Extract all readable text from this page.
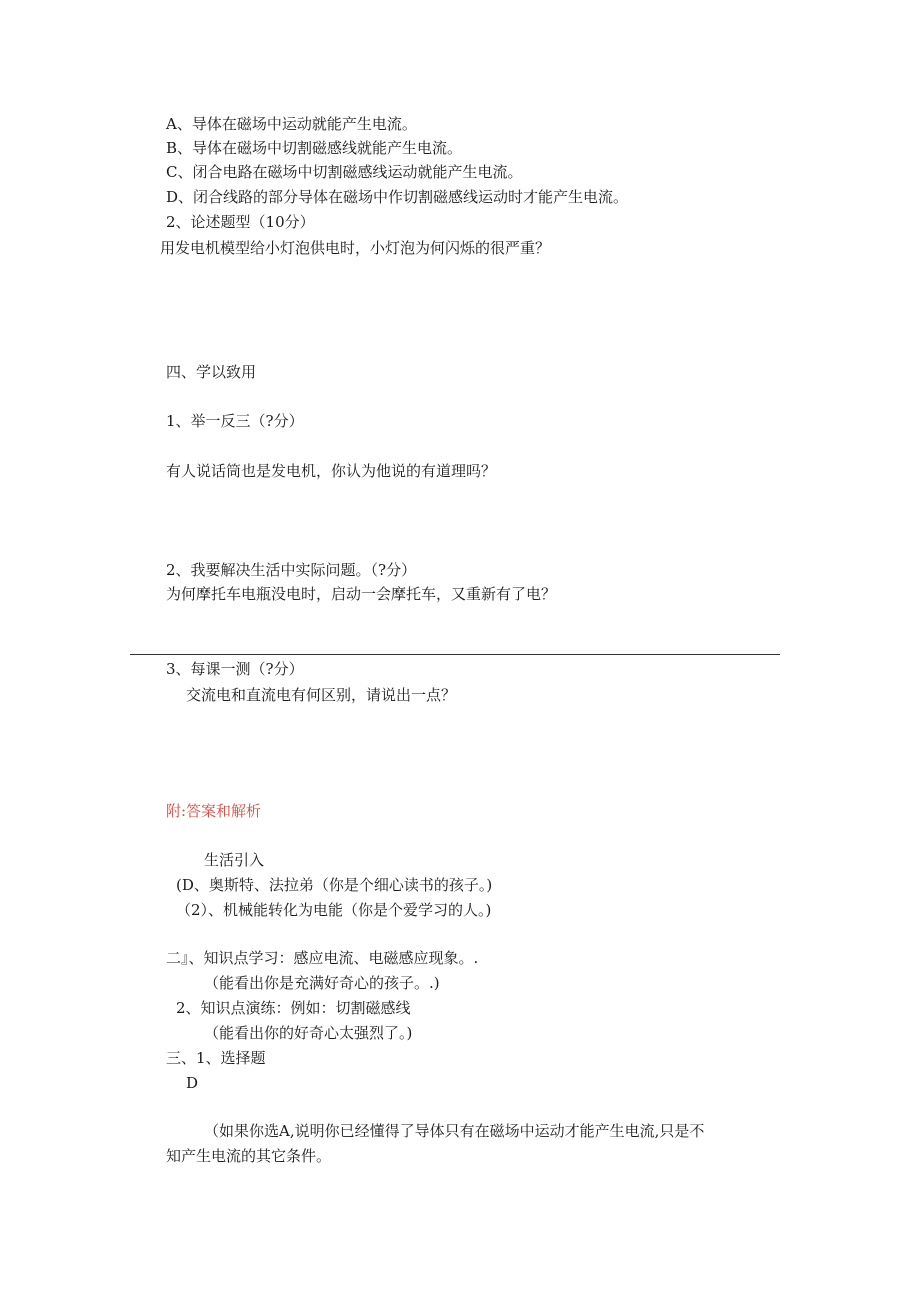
A、导体在磁场中运动就能产生电流。
B、导体在磁场中切割磁感线就能产生电流。
C、闭合电路在磁场中切割磁感线运动就能产生电流。
D、闭合线路的部分导体在磁场中作切割磁感线运动时才能产生电流。
2、论述题型（10分）
用发电机模型给小灯泡供电时，小灯泡为何闪烁的很严重？
四、学以致用
1、举一反三（?分）
有人说话筒也是发电机，你认为他说的有道理吗？
2、我要解决生活中实际问题。（?分）
为何摩托车电瓶没电时，启动一会摩托车，又重新有了电？
3、每课一测（?分）
交流电和直流电有何区别，请说出一点？
附:答案和解析
生活引入
(D、奥斯特、法拉弟（你是个细心读书的孩子。)
（2）、机械能转化为电能（你是个爱学习的人。)
二』、知识点学习：感应电流、电磁感应现象。.
（能看出你是充满好奇心的孩子。.)
2、知识点演练：例如：切割磁感线
（能看出你的好奇心太强烈了。)
三、1、选择题
D
（如果你选A,说明你已经懂得了导体只有在磁场中运动才能产生电流,只是不
知产生电流的其它条件。
